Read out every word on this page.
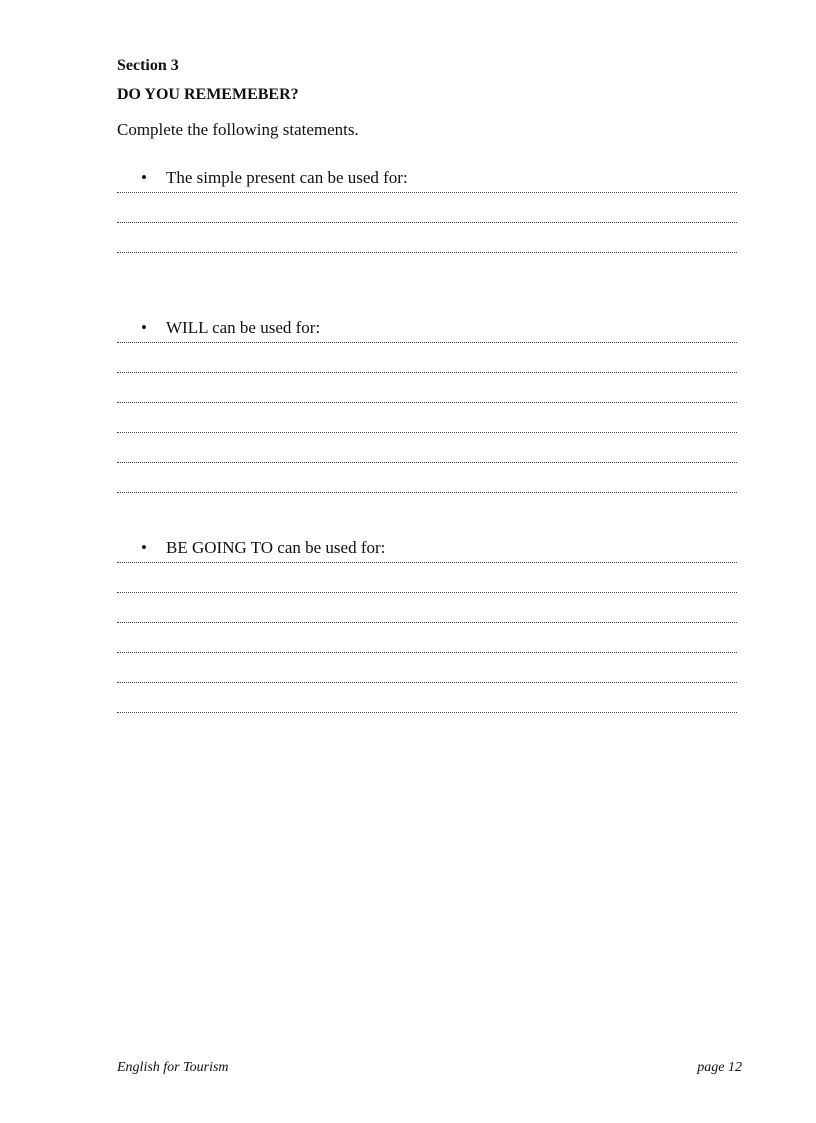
Section 3

DO YOU REMEMEBER?

Complete the following statements.

• The simple present can be used for:
• WILL can be used for:
• BE GOING TO can be used for:

English for Tourism	page 12
